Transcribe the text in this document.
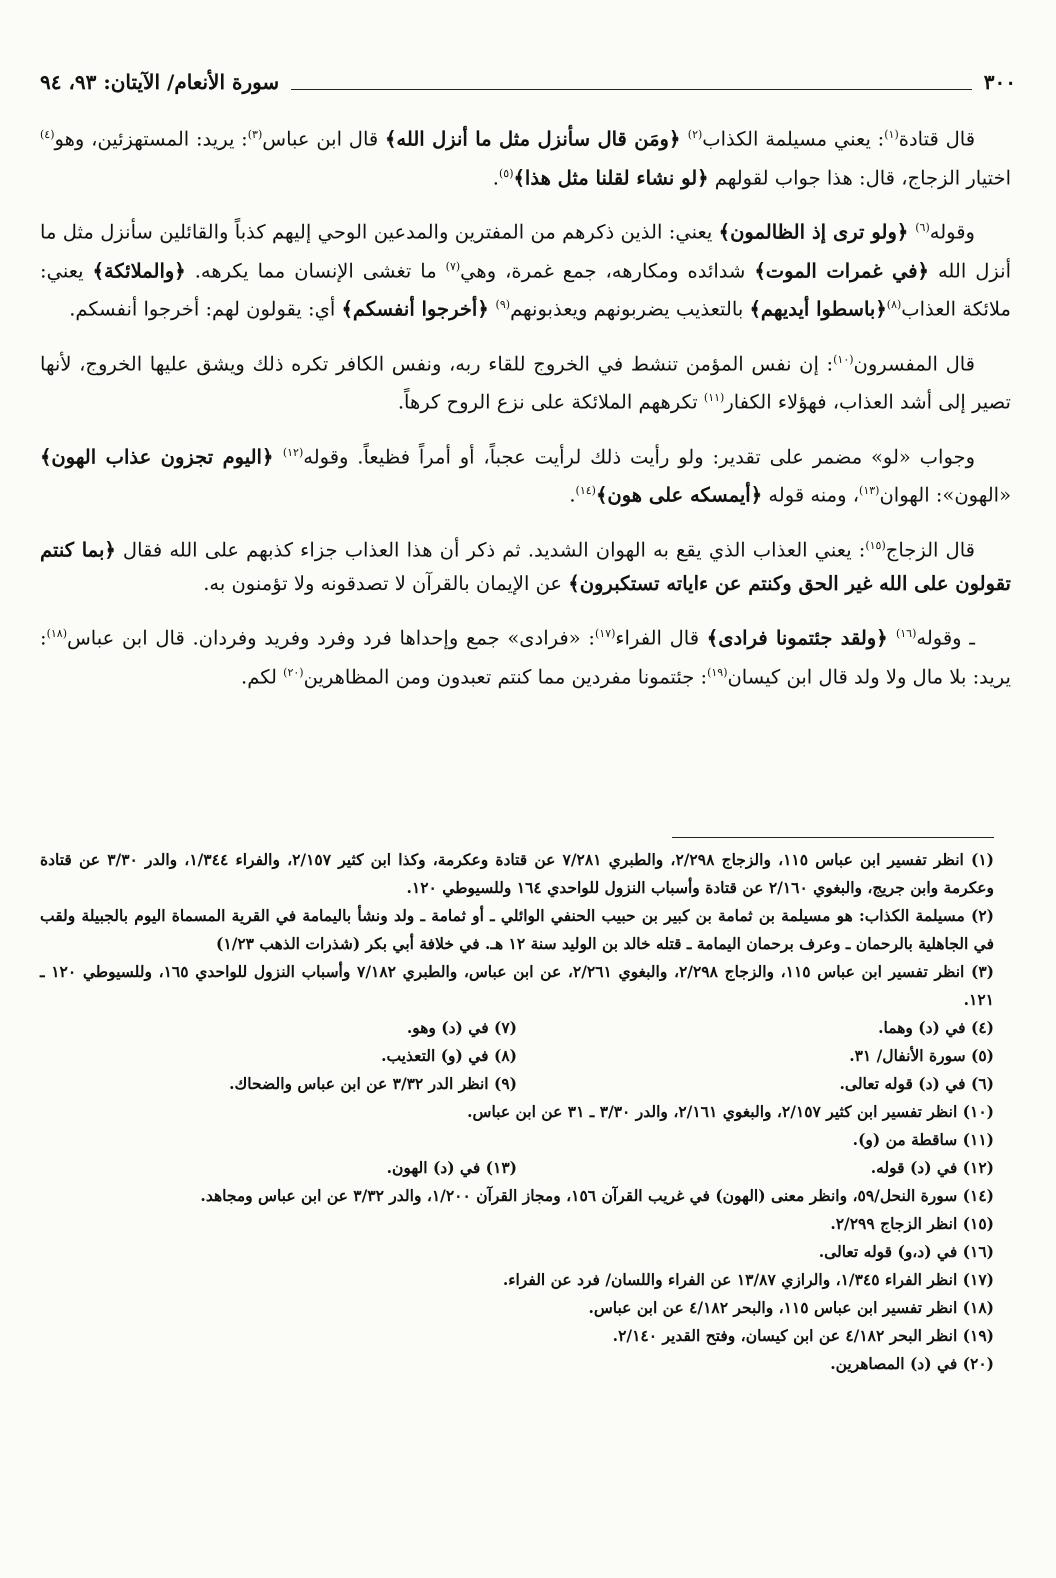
٣٠٠
سورة الأنعام/ الآيتان: ٩٣، ٩٤

قال قتادة$^{(١)}$: يعني مسيلمة الكذاب$^{(٢)}$ ﴿ومَن قال سأنزل مثل ما أنزل الله﴾ قال ابن عباس$^{(٣)}$: يريد: المستهزئين، وهو$^{(٤)}$ اختيار الزجاج، قال: هذا جواب لقولهم ﴿لو نشاء لقلنا مثل هذا﴾$^{(٥)}$.

وقوله$^{(٦)}$ ﴿ولو ترى إذ الظالمون﴾ يعني: الذين ذكرهم من المفترين والمدعين الوحي إليهم كذباً والقائلين سأنزل مثل ما أنزل الله ﴿في غمرات الموت﴾ شدائده ومكارهه، جمع غمرة، وهي$^{(٧)}$ ما تغشى الإنسان مما يكرهه. ﴿والملائكة﴾ يعني: ملائكة العذاب$^{(٨)}$﴿باسطوا أيديهم﴾ بالتعذيب يضربونهم ويعذبونهم$^{(٩)}$ ﴿أخرجوا أنفسكم﴾ أي: يقولون لهم: أخرجوا أنفسكم.

قال المفسرون$^{(١٠)}$: إن نفس المؤمن تنشط في الخروج للقاء ربه، ونفس الكافر تكره ذلك ويشق عليها الخروج، لأنها تصير إلى أشد العذاب، فهؤلاء الكفار$^{(١١)}$ تكرههم الملائكة على نزع الروح كرهاً.

وجواب «لو» مضمر على تقدير: ولو رأيت ذلك لرأيت عجباً، أو أمراً فظيعاً. وقوله$^{(١٢)}$ ﴿اليوم تجزون عذاب الهون﴾ «الهون»: الهوان$^{(١٣)}$، ومنه قوله ﴿أيمسكه على هون﴾$^{(١٤)}$.

قال الزجاج$^{(١٥)}$: يعني العذاب الذي يقع به الهوان الشديد. ثم ذكر أن هذا العذاب جزاء كذبهم على الله فقال ﴿بما كنتم تقولون على الله غير الحق وكنتم عن ءاياته تستكبرون﴾ عن الإيمان بالقرآن لا تصدقونه ولا تؤمنون به.

ـ وقوله$^{(١٦)}$ ﴿ولقد جئتمونا فرادى﴾ قال الفراء$^{(١٧)}$: «فرادى» جمع وإحداها فرد وفرد وفريد وفردان. قال ابن عباس$^{(١٨)}$: يريد: بلا مال ولا ولد قال ابن كيسان$^{(١٩)}$: جئتمونا مفردين مما كنتم تعبدون ومن المظاهرين$^{(٢٠)}$ لكم.

(١) انظر تفسير ابن عباس ١١٥، والزجاج ٢/٢٩٨، والطبري ٧/٢٨١ عن قتادة وعكرمة، وكذا ابن كثير ٢/١٥٧، والفراء ١/٣٤٤، والدر ٣/٣٠ عن قتادة وعكرمة وابن جريج، والبغوي ٢/١٦٠ عن قتادة وأسباب النزول للواحدي ١٦٤ وللسيوطي ١٢٠.

(٢) مسيلمة الكذاب: هو مسيلمة بن ثمامة بن كبير بن حبيب الحنفي الوائلي ـ أو ثمامة ـ ولد ونشأ باليمامة في القرية المسماة اليوم بالجبيلة ولقب في الجاهلية بالرحمان ـ وعرف برحمان اليمامة ـ قتله خالد بن الوليد سنة ١٢ هـ. في خلافة أبي بكر (شذرات الذهب ١/٢٣)

(٣) انظر تفسير ابن عباس ١١٥، والزجاج ٢/٢٩٨، والبغوي ٢/٢٦١، عن ابن عباس، والطبري ٧/١٨٢ وأسباب النزول للواحدي ١٦٥، وللسيوطي ١٢٠ ـ ١٢١.

(٤) في (د) وهما.

(٧) في (د) وهو.

(٥) سورة الأنفال/ ٣١.

(٨) في (و) التعذيب.

(٦) في (د) قوله تعالى.

(٩) انظر الدر ٣/٣٢ عن ابن عباس والضحاك.

(١٠) انظر تفسير ابن كثير ٢/١٥٧، والبغوي ٢/١٦١، والدر ٣/٣٠ ـ ٣١ عن ابن عباس.

(١١) ساقطة من (و).

(١٢) في (د) قوله.

(١٣) في (د) الهون.

(١٤) سورة النحل/٥٩، وانظر معنى (الهون) في غريب القرآن ١٥٦، ومجاز القرآن ١/٢٠٠، والدر ٣/٣٢ عن ابن عباس ومجاهد.

(١٥) انظر الزجاج ٢/٢٩٩.

(١٦) في (د،و) قوله تعالى.

(١٧) انظر الفراء ١/٣٤٥، والرازي ١٣/٨٧ عن الفراء واللسان/ فرد عن الفراء.

(١٨) انظر تفسير ابن عباس ١١٥، والبحر ٤/١٨٢ عن ابن عباس.

(١٩) انظر البحر ٤/١٨٢ عن ابن كيسان، وفتح القدير ٢/١٤٠.

(٢٠) في (د) المصاهرين.
